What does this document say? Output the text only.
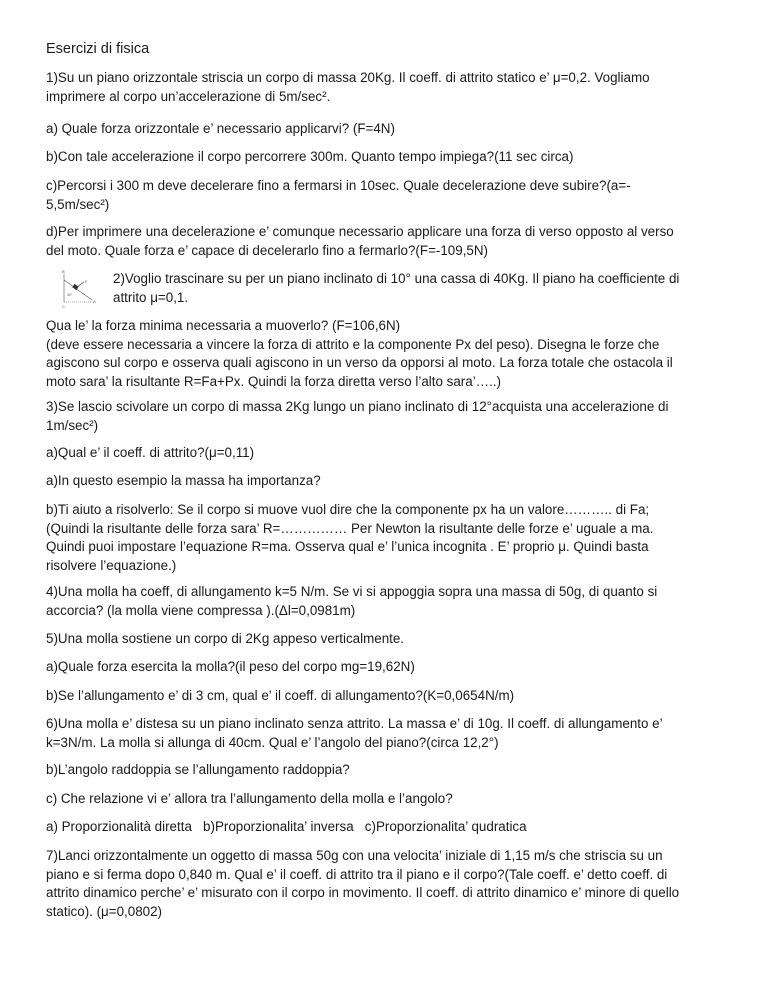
Esercizi di fisica
1)Su un piano orizzontale striscia un corpo di massa 20Kg. Il coeff. di attrito statico e’ μ=0,2. Vogliamo
imprimere al corpo un’accelerazione di 5m/sec².
a) Quale forza orizzontale e’ necessario applicarvi? (F=4N)
b)Con tale accelerazione il corpo percorrere 300m. Quanto tempo impiega?(11 sec circa)
c)Percorsi i 300 m deve decelerare fino a fermarsi in 10sec. Quale decelerazione deve subire?(a=-
5,5m/sec²)
d)Per imprimere una decelerazione e’ comunque necessario applicare una forza di verso opposto al verso
del moto. Quale forza e’ capace di decelerarlo fino a fermarlo?(F=-109,5N)
B
F
30°
A
C
2)Voglio trascinare su per un piano inclinato di 10° una cassa di 40Kg. Il piano ha coefficiente di
attrito μ=0,1.
Qua le’ la forza minima necessaria a muoverlo? (F=106,6N)
(deve essere necessaria a vincere la forza di attrito e la componente Px del peso). Disegna le forze che
agiscono sul corpo e osserva quali agiscono in un verso da opporsi al moto. La forza totale che ostacola il
moto sara’ la risultante R=Fa+Px. Quindi la forza diretta verso l’alto sara’…..)
3)Se lascio scivolare un corpo di massa 2Kg lungo un piano inclinato di 12°acquista una accelerazione di
1m/sec²)
a)Qual e’ il coeff. di attrito?(μ=0,11)
a)In questo esempio la massa ha importanza?
b)Ti aiuto a risolverlo: Se il corpo si muove vuol dire che la componente px ha un valore……….. di Fa;
(Quindi la risultante delle forza sara’ R=…………… Per Newton la risultante delle forze e’ uguale a ma.
Quindi puoi impostare l’equazione R=ma. Osserva qual e’ l’unica incognita . E’ proprio μ. Quindi basta
risolvere l’equazione.)
4)Una molla ha coeff, di allungamento k=5 N/m. Se vi si appoggia sopra una massa di 50g, di quanto si
accorcia? (la molla viene compressa ).(Δl=0,0981m)
5)Una molla sostiene un corpo di 2Kg appeso verticalmente.
a)Quale forza esercita la molla?(il peso del corpo mg=19,62N)
b)Se l’allungamento e’ di 3 cm, qual e’ il coeff. di allungamento?(K=0,0654N/m)
6)Una molla e’ distesa su un piano inclinato senza attrito. La massa e’ di 10g. Il coeff. di allungamento e’
k=3N/m. La molla si allunga di 40cm. Qual e’ l’angolo del piano?(circa 12,2°)
b)L’angolo raddoppia se l’allungamento raddoppia?
c) Che relazione vi e’ allora tra l’allungamento della molla e l’angolo?
a) Proporzionalità diretta   b)Proporzionalita’ inversa   c)Proporzionalita’ qudratica
7)Lanci orizzontalmente un oggetto di massa 50g con una velocita’ iniziale di 1,15 m/s che striscia su un
piano e si ferma dopo 0,840 m. Qual e’ il coeff. di attrito tra il piano e il corpo?(Tale coeff. e’ detto coeff. di
attrito dinamico perche’ e’ misurato con il corpo in movimento. Il coeff. di attrito dinamico e’ minore di quello
statico). (μ=0,0802)
